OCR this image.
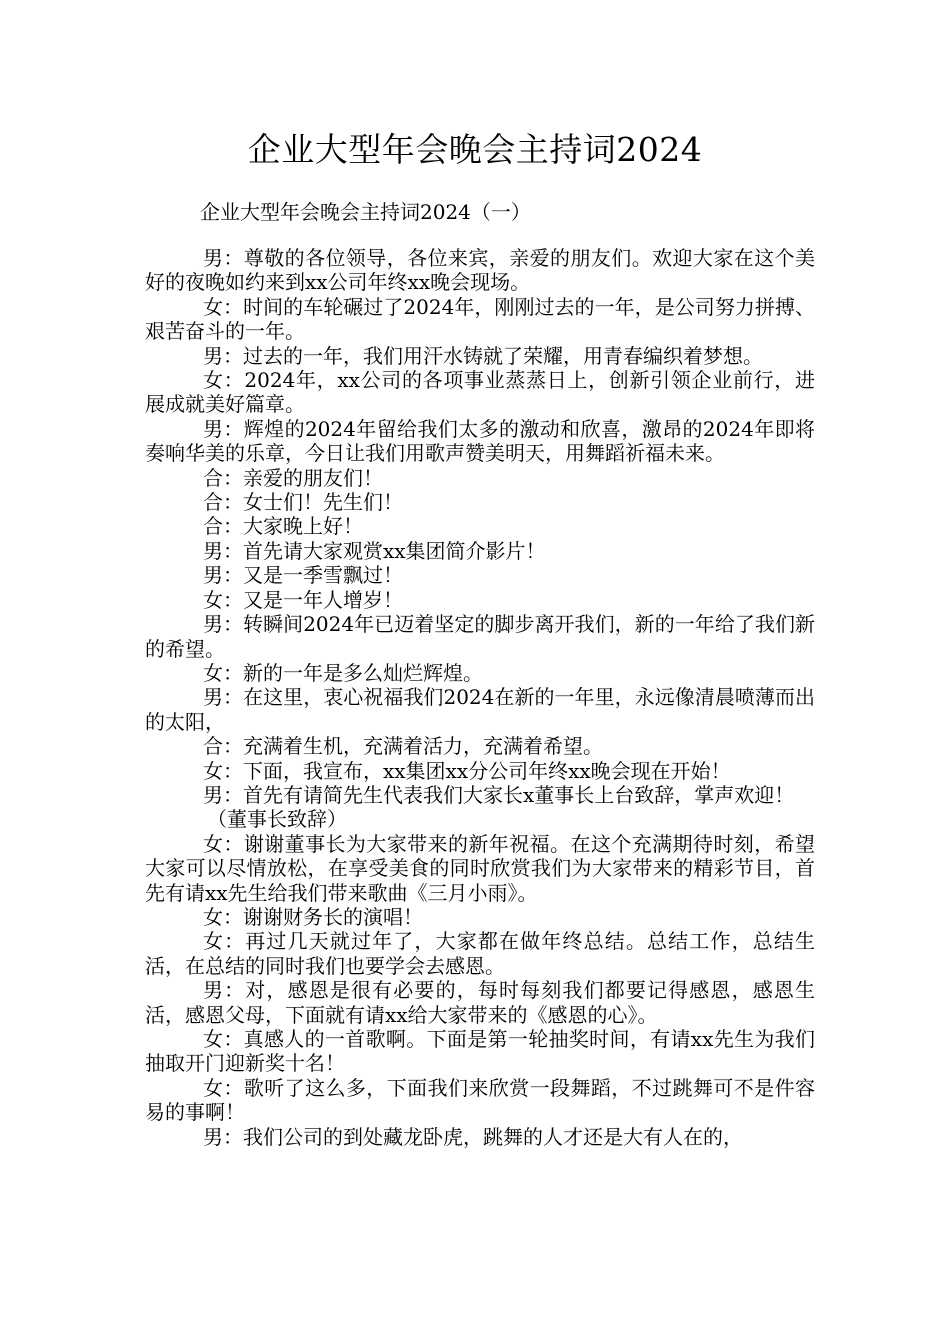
企业大型年会晚会主持词2024

企业大型年会晚会主持词2024（一）

男：尊敬的各位领导，各位来宾，亲爱的朋友们。欢迎大家在这个美好的夜晚如约来到xx公司年终xx晚会现场。

女：时间的车轮碾过了2024年，刚刚过去的一年，是公司努力拼搏、艰苦奋斗的一年。

男：过去的一年，我们用汗水铸就了荣耀，用青春编织着梦想。

女：2024年，xx公司的各项事业蒸蒸日上，创新引领企业前行，进展成就美好篇章。

男：辉煌的2024年留给我们太多的激动和欣喜，激昂的2024年即将奏响华美的乐章，今日让我们用歌声赞美明天，用舞蹈祈福未来。

合：亲爱的朋友们！

合：女士们！先生们！

合：大家晚上好！

男：首先请大家观赏xx集团简介影片！

男：又是一季雪飘过！

女：又是一年人增岁！

男：转瞬间2024年已迈着坚定的脚步离开我们，新的一年给了我们新的希望。

女：新的一年是多么灿烂辉煌。

男：在这里，衷心祝福我们2024在新的一年里，永远像清晨喷薄而出的太阳，

合：充满着生机，充满着活力，充满着希望。

女：下面，我宣布，xx集团xx分公司年终xx晚会现在开始！

男：首先有请简先生代表我们大家长x董事长上台致辞，掌声欢迎！

（董事长致辞）

女：谢谢董事长为大家带来的新年祝福。在这个充满期待时刻，希望大家可以尽情放松，在享受美食的同时欣赏我们为大家带来的精彩节目，首先有请xx先生给我们带来歌曲《三月小雨》。

女：谢谢财务长的演唱！

女：再过几天就过年了，大家都在做年终总结。总结工作，总结生活，在总结的同时我们也要学会去感恩。

男：对，感恩是很有必要的，每时每刻我们都要记得感恩，感恩生活，感恩父母，下面就有请xx给大家带来的《感恩的心》。

女：真感人的一首歌啊。下面是第一轮抽奖时间，有请xx先生为我们抽取开门迎新奖十名！

女：歌听了这么多，下面我们来欣赏一段舞蹈，不过跳舞可不是件容易的事啊！

男：我们公司的到处藏龙卧虎，跳舞的人才还是大有人在的，
